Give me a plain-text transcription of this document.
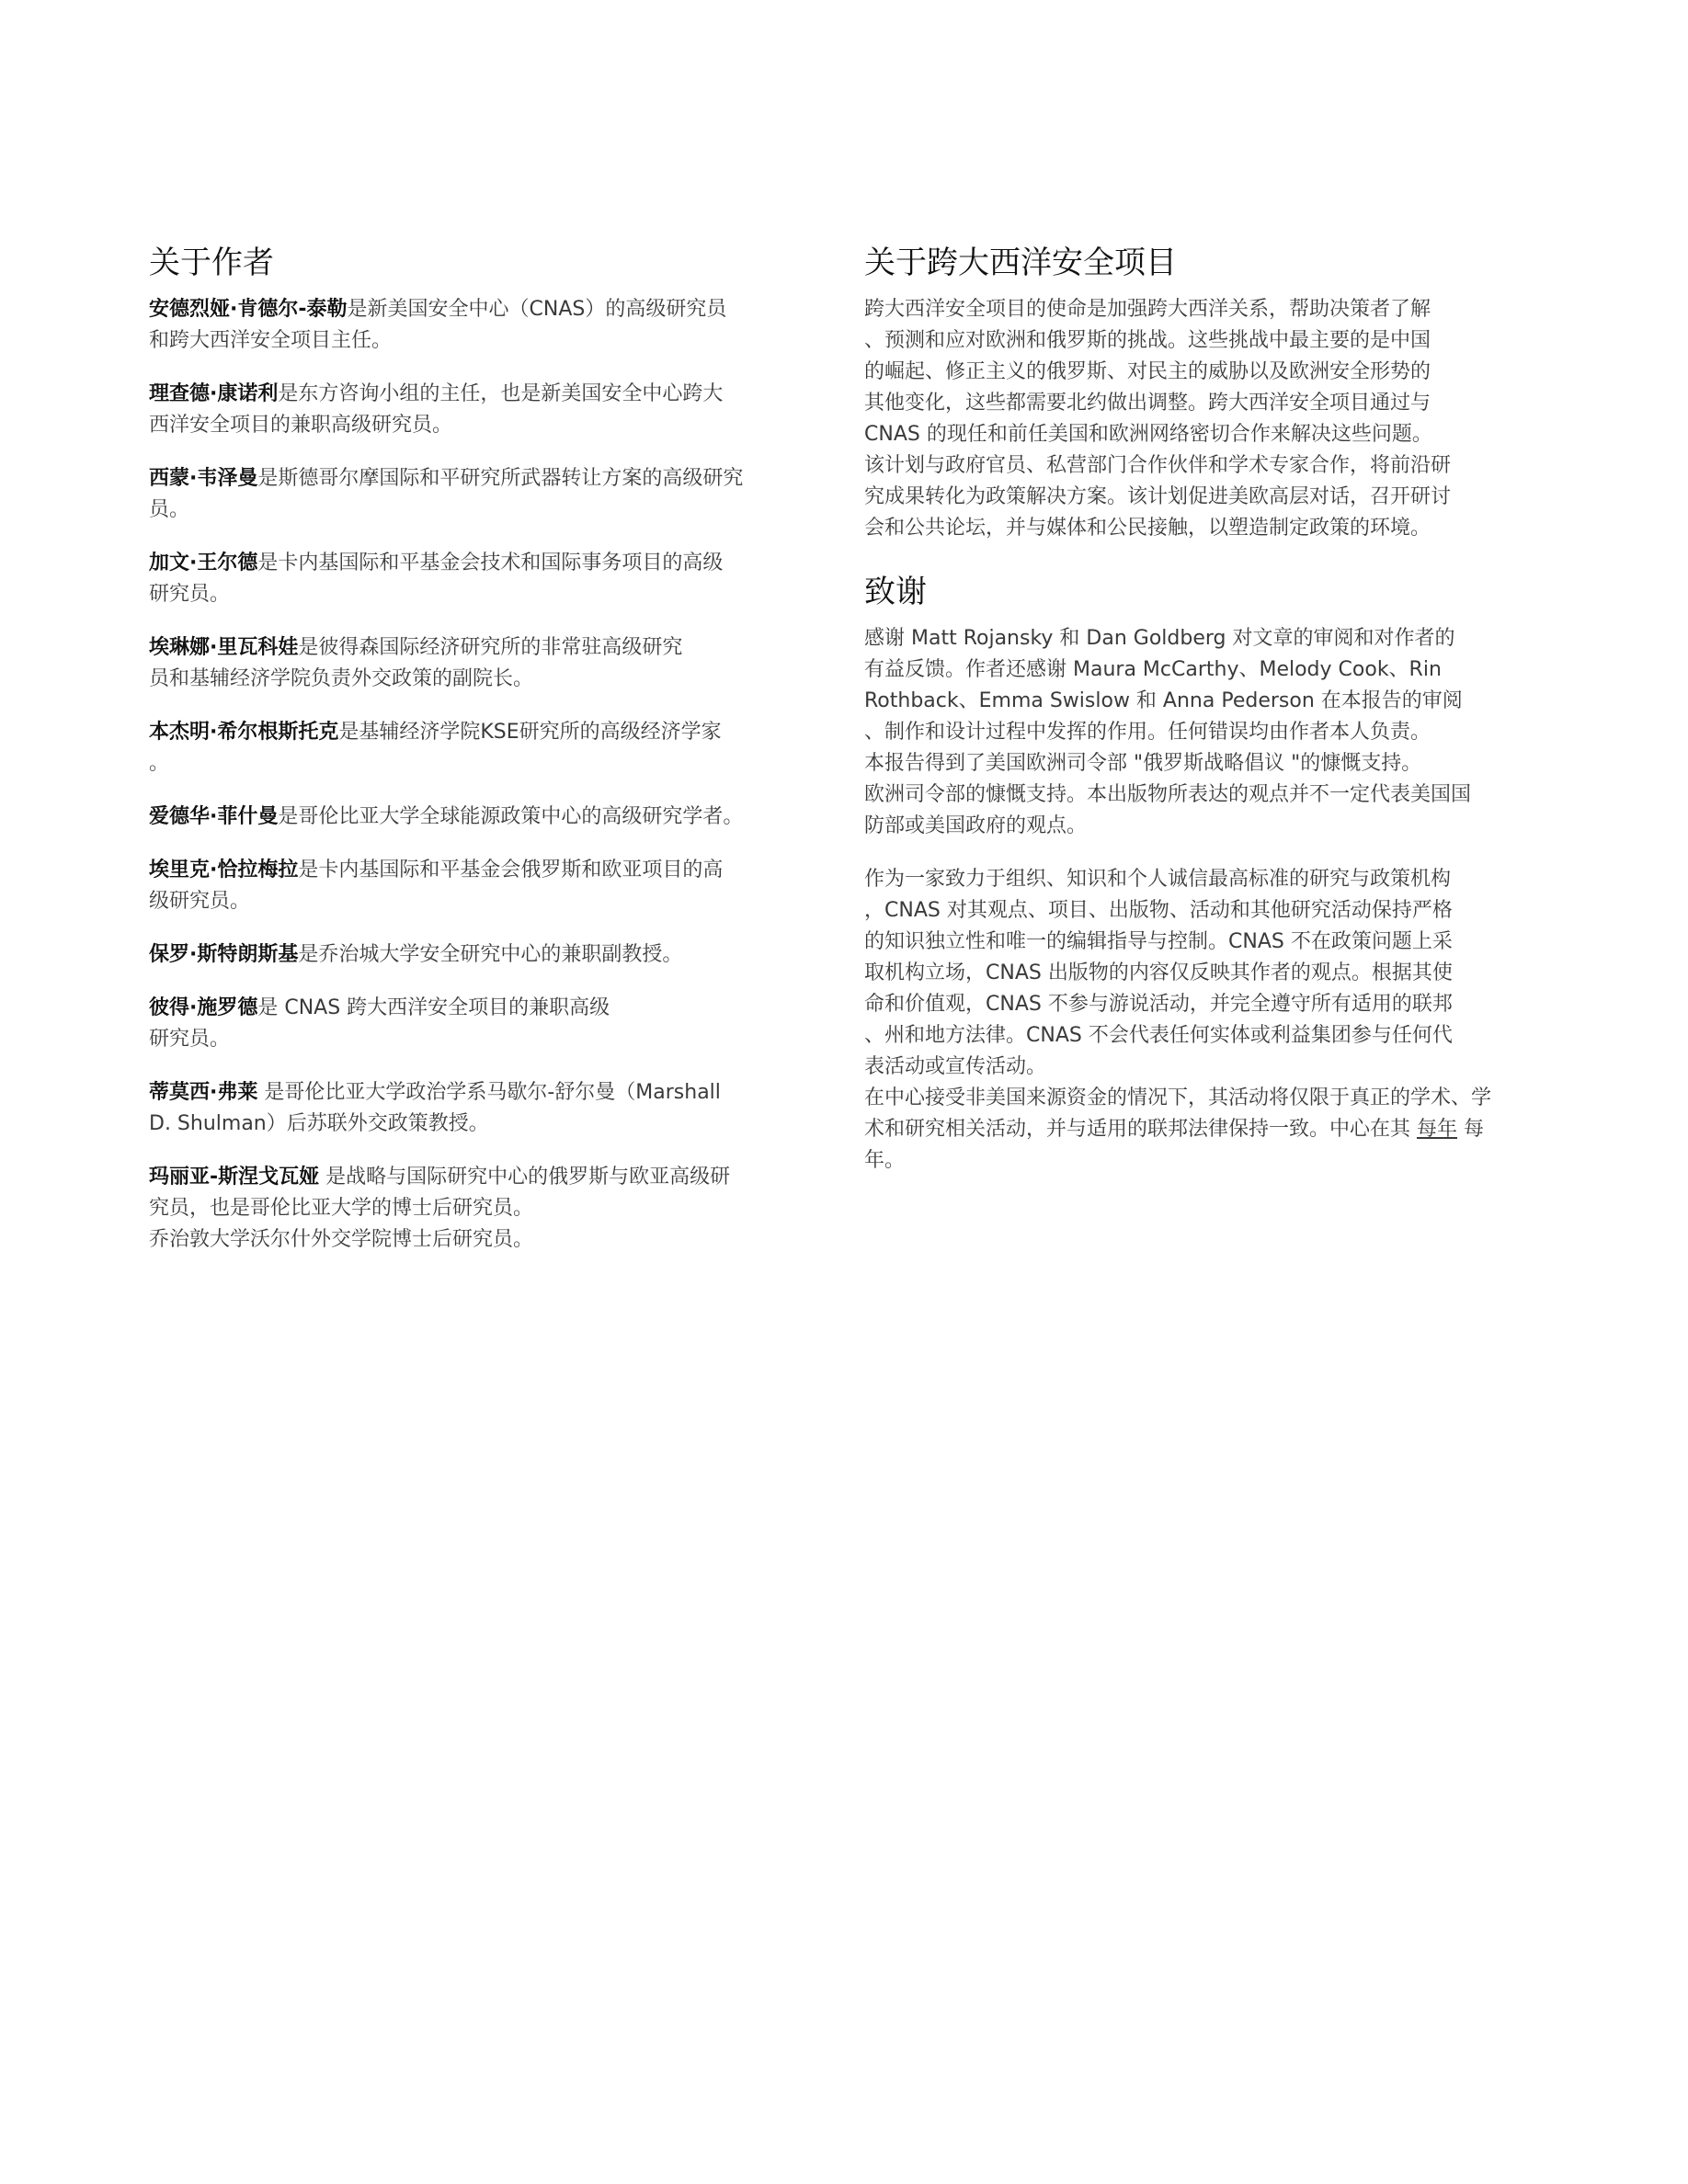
关于作者

安德烈娅·肯德尔-泰勒是新美国安全中心（CNAS）的高级研究员
和跨大西洋安全项目主任。

理查德·康诺利是东方咨询小组的主任，也是新美国安全中心跨大
西洋安全项目的兼职高级研究员。

西蒙·韦泽曼是斯德哥尔摩国际和平研究所武器转让方案的高级研究
员。

加文·王尔德是卡内基国际和平基金会技术和国际事务项目的高级
研究员。

埃琳娜·里瓦科娃是彼得森国际经济研究所的非常驻高级研究
员和基辅经济学院负责外交政策的副院长。

本杰明·希尔根斯托克是基辅经济学院KSE研究所的高级经济学家
。

爱德华·菲什曼是哥伦比亚大学全球能源政策中心的高级研究学者。

埃里克·恰拉梅拉是卡内基国际和平基金会俄罗斯和欧亚项目的高
级研究员。

保罗·斯特朗斯基是乔治城大学安全研究中心的兼职副教授。

彼得·施罗德是 CNAS 跨大西洋安全项目的兼职高级
研究员。

蒂莫西·弗莱 是哥伦比亚大学政治学系马歇尔-舒尔曼（Marshall
D. Shulman）后苏联外交政策教授。

玛丽亚-斯涅戈瓦娅 是战略与国际研究中心的俄罗斯与欧亚高级研
究员，也是哥伦比亚大学的博士后研究员。
乔治敦大学沃尔什外交学院博士后研究员。

关于跨大西洋安全项目

跨大西洋安全项目的使命是加强跨大西洋关系，帮助决策者了解
、预测和应对欧洲和俄罗斯的挑战。这些挑战中最主要的是中国
的崛起、修正主义的俄罗斯、对民主的威胁以及欧洲安全形势的
其他变化，这些都需要北约做出调整。跨大西洋安全项目通过与
CNAS 的现任和前任美国和欧洲网络密切合作来解决这些问题。
该计划与政府官员、私营部门合作伙伴和学术专家合作，将前沿研
究成果转化为政策解决方案。该计划促进美欧高层对话，召开研讨
会和公共论坛，并与媒体和公民接触，以塑造制定政策的环境。

致谢

感谢 Matt Rojansky 和 Dan Goldberg 对文章的审阅和对作者的
有益反馈。作者还感谢 Maura McCarthy、Melody Cook、Rin
Rothback、Emma Swislow 和 Anna Pederson 在本报告的审阅
、制作和设计过程中发挥的作用。任何错误均由作者本人负责。
本报告得到了美国欧洲司令部 "俄罗斯战略倡议 "的慷慨支持。
欧洲司令部的慷慨支持。本出版物所表达的观点并不一定代表美国国
防部或美国政府的观点。

作为一家致力于组织、知识和个人诚信最高标准的研究与政策机构
，CNAS 对其观点、项目、出版物、活动和其他研究活动保持严格
的知识独立性和唯一的编辑指导与控制。CNAS 不在政策问题上采
取机构立场，CNAS 出版物的内容仅反映其作者的观点。根据其使
命和价值观，CNAS 不参与游说活动，并完全遵守所有适用的联邦
、州和地方法律。CNAS 不会代表任何实体或利益集团参与任何代
表活动或宣传活动。

在中心接受非美国来源资金的情况下，其活动将仅限于真正的学术、学
术和研究相关活动，并与适用的联邦法律保持一致。中心在其 每年 每
年。
